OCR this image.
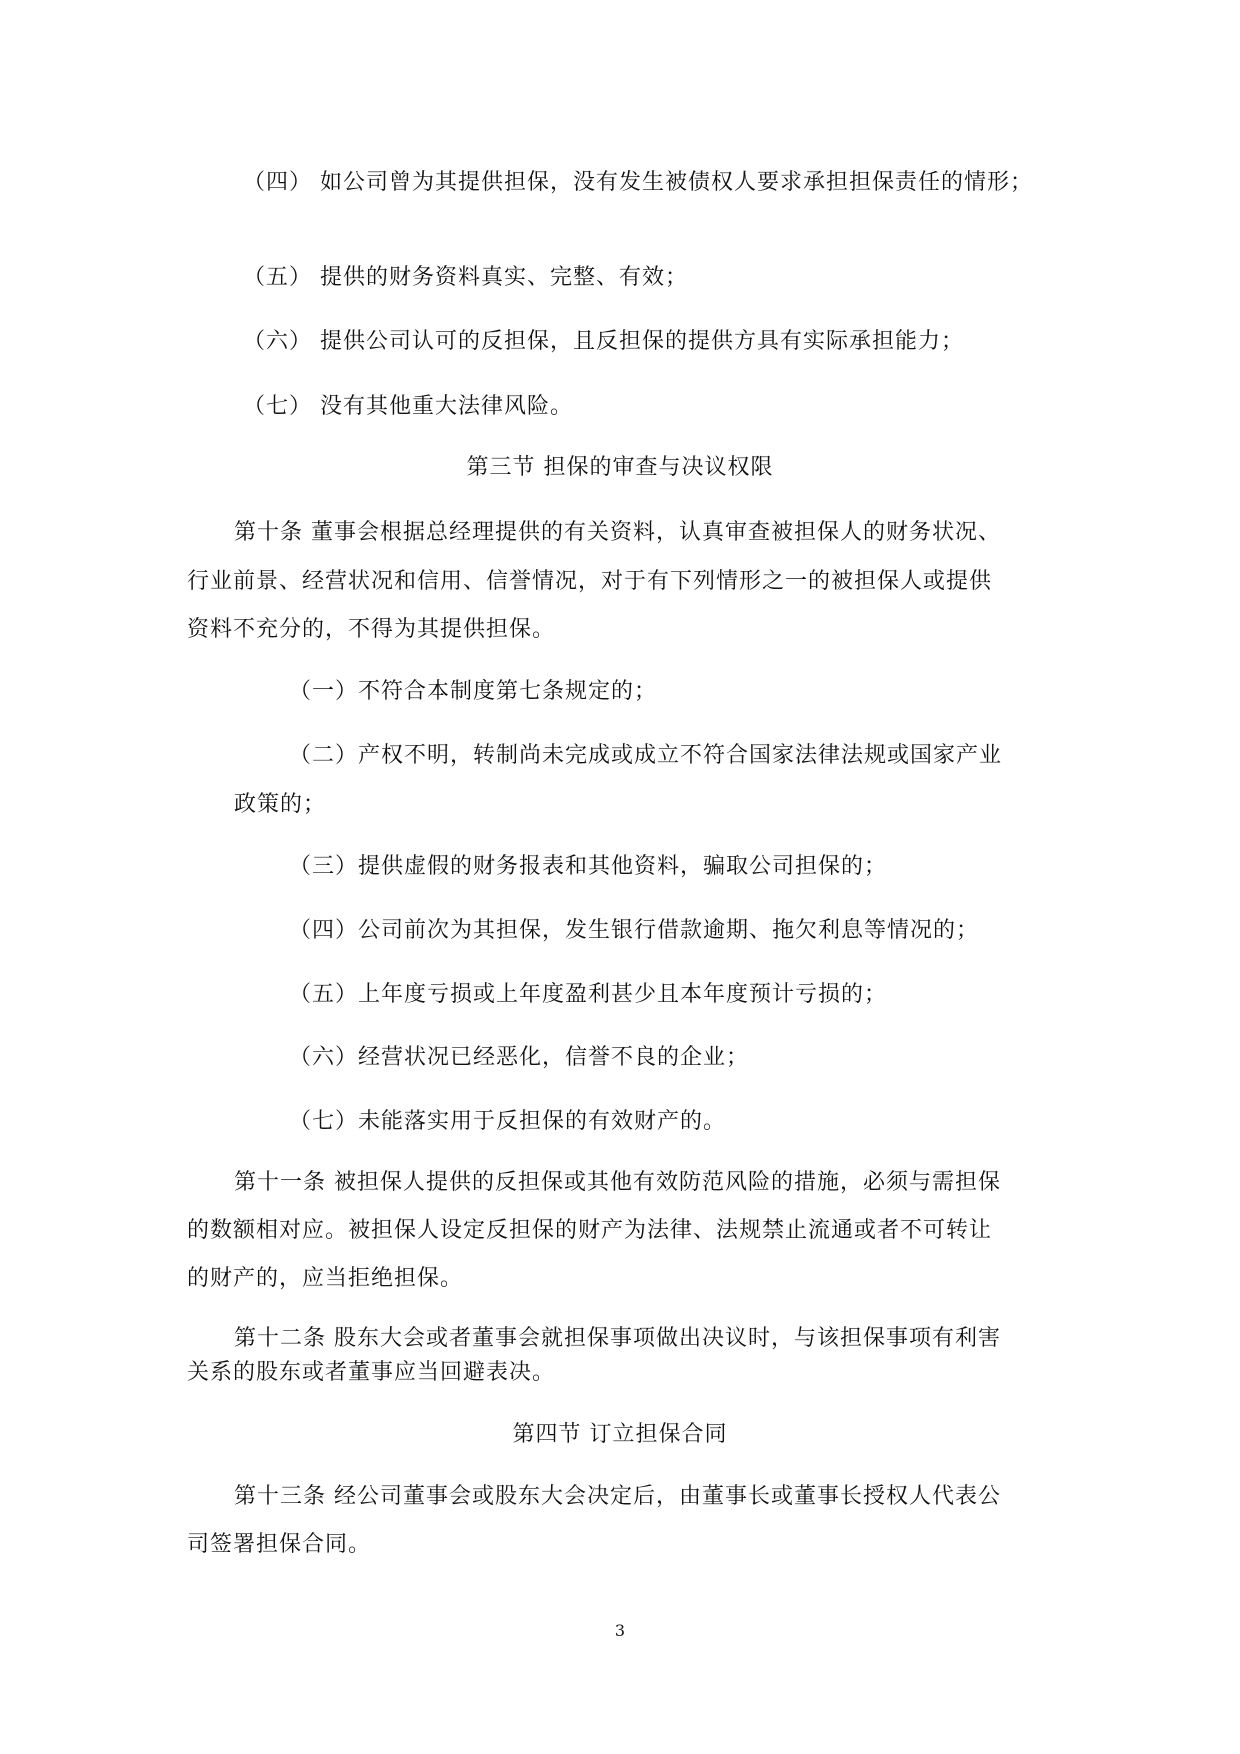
（四） 如公司曾为其提供担保，没有发生被债权人要求承担担保责任的情形；
（五） 提供的财务资料真实、完整、有效；
（六） 提供公司认可的反担保，且反担保的提供方具有实际承担能力；
（七） 没有其他重大法律风险。
第三节 担保的审查与决议权限
第十条 董事会根据总经理提供的有关资料，认真审查被担保人的财务状况、
行业前景、经营状况和信用、信誉情况，对于有下列情形之一的被担保人或提供
资料不充分的，不得为其提供担保。
（一）不符合本制度第七条规定的；
（二）产权不明，转制尚未完成或成立不符合国家法律法规或国家产业
政策的；
（三）提供虚假的财务报表和其他资料，骗取公司担保的；
（四）公司前次为其担保，发生银行借款逾期、拖欠利息等情况的；
（五）上年度亏损或上年度盈利甚少且本年度预计亏损的；
（六）经营状况已经恶化，信誉不良的企业；
（七）未能落实用于反担保的有效财产的。
第十一条 被担保人提供的反担保或其他有效防范风险的措施，必须与需担保
的数额相对应。被担保人设定反担保的财产为法律、法规禁止流通或者不可转让
的财产的，应当拒绝担保。
第十二条 股东大会或者董事会就担保事项做出决议时，与该担保事项有利害
关系的股东或者董事应当回避表决。
第四节 订立担保合同
第十三条 经公司董事会或股东大会决定后，由董事长或董事长授权人代表公
司签署担保合同。
3
